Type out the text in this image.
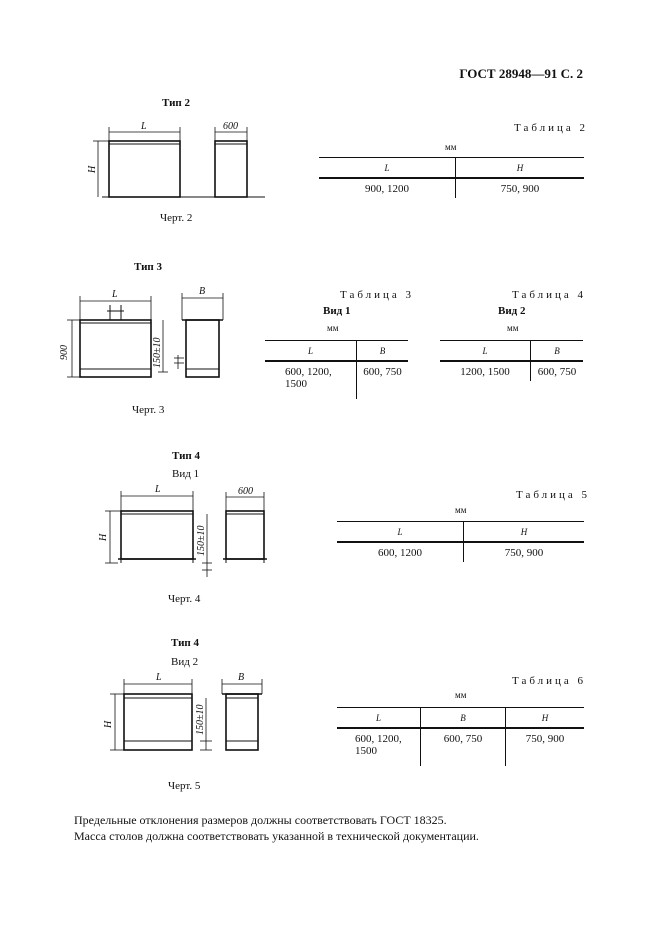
ГОСТ 28948—91 С. 2
Тип 2
L	600
H
Черт. 2
Таблица 2
мм
L	H
900, 1200	750, 900
Тип 3
L	B
900	150±10
Черт. 3
Таблица 3
Вид 1
мм
L	B
600, 1200, 1500	600, 750
Таблица 4
Вид 2
мм
L	B
1200, 1500	600, 750
Тип 4
Вид 1
L	600
H	150±10
Черт. 4
Таблица 5
мм
L	H
600, 1200	750, 900
Тип 4
Вид 2
L	B
H	150±10
Черт. 5
Таблица 6
мм
L	B	H
600, 1200, 1500	600, 750	750, 900
Предельные отклонения размеров должны соответствовать ГОСТ 18325.
Масса столов должна соответствовать указанной в технической документации.
